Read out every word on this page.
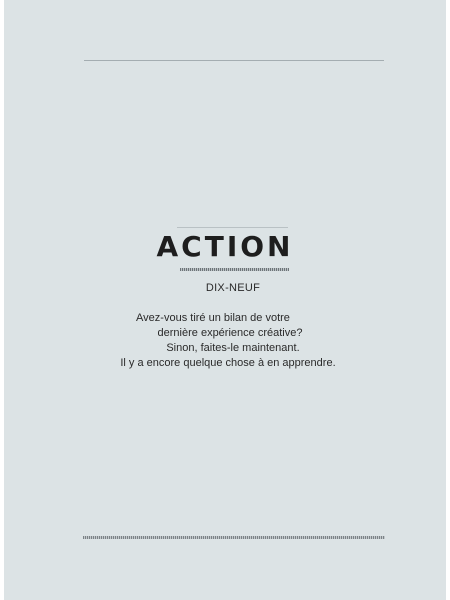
ACTION
DIX-NEUF
Avez-vous tiré un bilan de votre
dernière expérience créative?
Sinon, faites-le maintenant.
Il y a encore quelque chose à en apprendre.
